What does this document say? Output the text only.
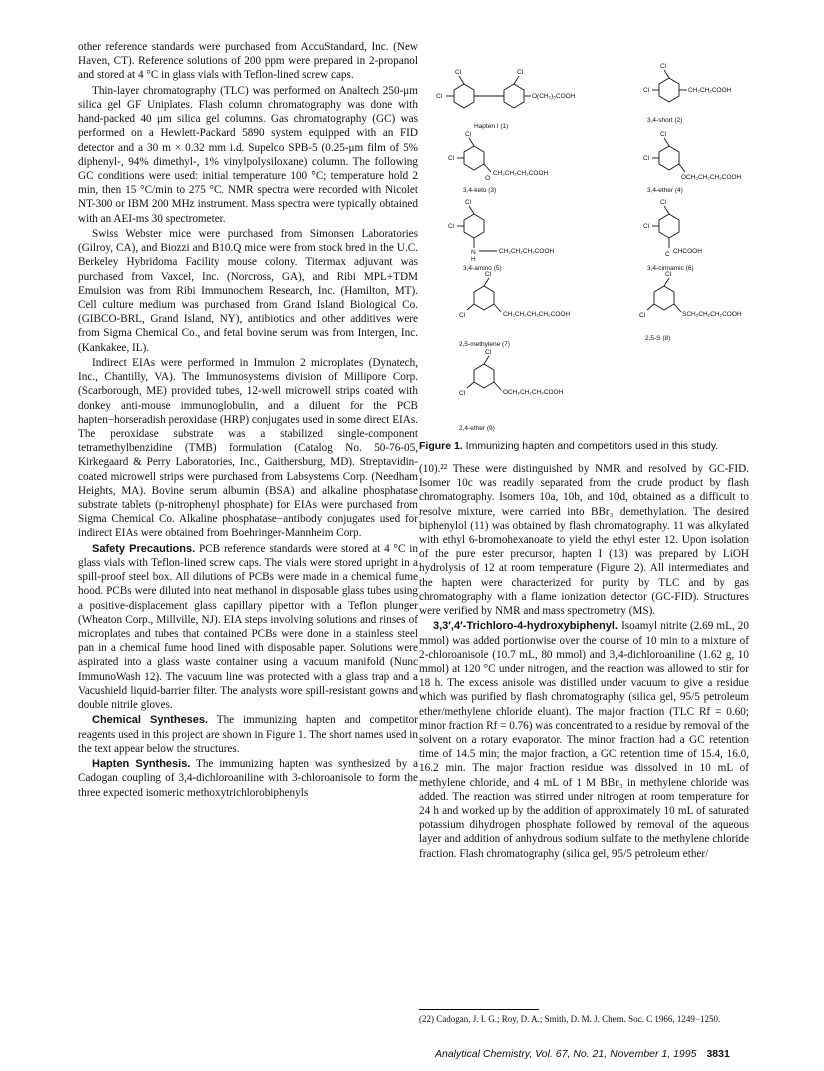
other reference standards were purchased from AccuStandard, Inc. (New Haven, CT). Reference solutions of 200 ppm were prepared in 2-propanol and stored at 4 °C in glass vials with Teflon-lined screw caps.

Thin-layer chromatography (TLC) was performed on Analtech 250-μm silica gel GF Uniplates. Flash column chromatography was done with hand-packed 40 μm silica gel columns. Gas chromatography (GC) was performed on a Hewlett-Packard 5890 system equipped with an FID detector and a 30 m × 0.32 mm i.d. Supelco SPB-5 (0.25-μm film of 5% diphenyl-, 94% dimethyl-, 1% vinylpolysiloxane) column. The following GC conditions were used: initial temperature 100 °C; temperature hold 2 min, then 15 °C/min to 275 °C. NMR spectra were recorded with Nicolet NT-300 or IBM 200 MHz instrument. Mass spectra were typically obtained with an AEI-ms 30 spectrometer.

Swiss Webster mice were purchased from Simonsen Laboratories (Gilroy, CA), and Biozzi and B10.Q mice were from stock bred in the U.C. Berkeley Hybridoma Facility mouse colony. Titermax adjuvant was purchased from Vaxcel, Inc. (Norcross, GA), and Ribi MPL+TDM Emulsion was from Ribi Immunochem Research, Inc. (Hamilton, MT). Cell culture medium was purchased from Grand Island Biological Co. (GIBCO-BRL, Grand Island, NY), antibiotics and other additives were from Sigma Chemical Co., and fetal bovine serum was from Intergen, Inc. (Kankakee, IL).

Indirect EIAs were performed in Immulon 2 microplates (Dynatech, Inc., Chantilly, VA). The Immunosystems division of Millipore Corp. (Scarborough, ME) provided tubes, 12-well microwell strips coated with donkey anti-mouse immunoglobulin, and a diluent for the PCB hapten−horseradish peroxidase (HRP) conjugates used in some direct EIAs. The peroxidase substrate was a stabilized single-component tetramethylbenzidine (TMB) formulation (Catalog No. 50-76-05, Kirkegaard & Perry Laboratories, Inc., Gaithersburg, MD). Streptavidin-coated microwell strips were purchased from Labsystems Corp. (Needham Heights, MA). Bovine serum albumin (BSA) and alkaline phosphatase substrate tablets (p-nitrophenyl phosphate) for EIAs were purchased from Sigma Chemical Co. Alkaline phosphatase−antibody conjugates used for indirect EIAs were obtained from Boehringer-Mannheim Corp.

Safety Precautions. PCB reference standards were stored at 4 °C in glass vials with Teflon-lined screw caps. The vials were stored upright in a spill-proof steel box. All dilutions of PCBs were made in a chemical fume hood. PCBs were diluted into neat methanol in disposable glass tubes using a positive-displacement glass capillary pipettor with a Teflon plunger (Wheaton Corp., Millville, NJ). EIA steps involving solutions and rinses of microplates and tubes that contained PCBs were done in a stainless steel pan in a chemical fume hood lined with disposable paper. Solutions were aspirated into a glass waste container using a vacuum manifold (Nunc ImmunoWash 12). The vacuum line was protected with a glass trap and a Vacushield liquid-barrier filter. The analysts wore spill-resistant gowns and double nitrile gloves.

Chemical Syntheses. The immunizing hapten and competitor reagents used in this project are shown in Figure 1. The short names used in the text appear below the structures.

Hapten Synthesis. The immunizing hapten was synthesized by a Cadogan coupling of 3,4-dichloroaniline with 3-chloroanisole to form the three expected isomeric methoxytrichlorobiphenyls

Cl
Cl	Cl
O(CH₂)₅COOH
Cl
Cl
CH₂CH₂COOH
Cl
Cl
O
CH₂CH₂CH₂COOH
Cl
Cl
OCH₂CH₂CH₂COOH
Cl
Cl
N
H
CH₂CH₂CH₂COOH
Cl
Cl
C CHCOOH
Cl
Cl	CH₂CH₂CH₂CH₂COOH
Cl
Cl	SCH₂CH₂CH₂COOH
Cl
Cl	OCH₂CH₂CH₂COOH
Hapten I (1)
3,4-short (2)
3,4-keto (3)	3,4-ether (4)
3,4-amino (5)	3,4-cinnamic (6)
2,5-methylene (7)
2,5-S (8)
2,4-ether (9)
Figure 1. Immunizing hapten and competitors used in this study.

(10).²² These were distinguished by NMR and resolved by GC-FID. Isomer 10c was readily separated from the crude product by flash chromatography. Isomers 10a, 10b, and 10d, obtained as a difficult to resolve mixture, were carried into BBr₃ demethylation. The desired biphenylol (11) was obtained by flash chromatography. 11 was alkylated with ethyl 6-bromohexanoate to yield the ethyl ester 12. Upon isolation of the pure ester precursor, hapten I (13) was prepared by LiOH hydrolysis of 12 at room temperature (Figure 2). All intermediates and the hapten were characterized for purity by TLC and by gas chromatography with a flame ionization detector (GC-FID). Structures were verified by NMR and mass spectrometry (MS).

3,3′,4′-Trichloro-4-hydroxybiphenyl. Isoamyl nitrite (2.69 mL, 20 mmol) was added portionwise over the course of 10 min to a mixture of 2-chloroanisole (10.7 mL, 80 mmol) and 3,4-dichloroaniline (1.62 g, 10 mmol) at 120 °C under nitrogen, and the reaction was allowed to stir for 18 h. The excess anisole was distilled under vacuum to give a residue which was purified by flash chromatography (silica gel, 95/5 petroleum ether/methylene chloride eluant). The major fraction (TLC Rf = 0.60; minor fraction Rf = 0.76) was concentrated to a residue by removal of the solvent on a rotary evaporator. The minor fraction had a GC retention time of 14.5 min; the major fraction, a GC retention time of 15.4, 16.0, 16.2 min. The major fraction residue was dissolved in 10 mL of methylene chloride, and 4 mL of 1 M BBr₃ in methylene chloride was added. The reaction was stirred under nitrogen at room temperature for 24 h and worked up by the addition of approximately 10 mL of saturated potassium dihydrogen phosphate followed by removal of the aqueous layer and addition of anhydrous sodium sulfate to the methylene chloride fraction. Flash chromatography (silica gel, 95/5 petroleum ether/

(22) Cadogan, J. I. G.; Roy, D. A.; Smith, D. M. J. Chem. Soc. C 1966, 1249−1250.
Analytical Chemistry, Vol. 67, No. 21, November 1, 1995 3831
